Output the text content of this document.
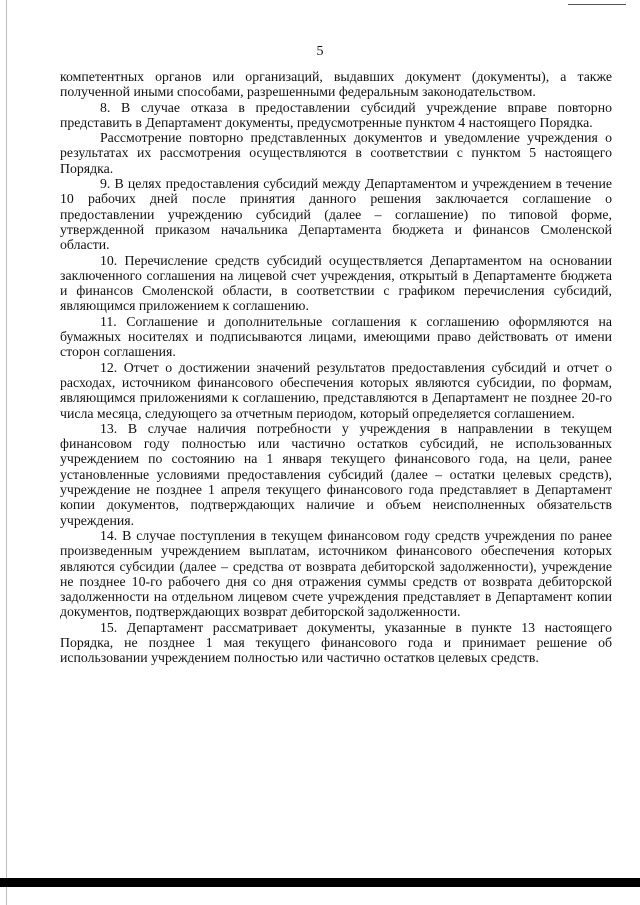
5

компетентных органов или организаций, выдавших документ (документы), а также полученной иными способами, разрешенными федеральным законодательством.

8. В случае отказа в предоставлении субсидий учреждение вправе повторно представить в Департамент документы, предусмотренные пунктом 4 настоящего Порядка.

Рассмотрение повторно представленных документов и уведомление учреждения о результатах их рассмотрения осуществляются в соответствии с пунктом 5 настоящего Порядка.

9. В целях предоставления субсидий между Департаментом и учреждением в течение 10 рабочих дней после принятия данного решения заключается соглашение о предоставлении учреждению субсидий (далее – соглашение) по типовой форме, утвержденной приказом начальника Департамента бюджета и финансов Смоленской области.

10. Перечисление средств субсидий осуществляется Департаментом на основании заключенного соглашения на лицевой счет учреждения, открытый в Департаменте бюджета и финансов Смоленской области, в соответствии с графиком перечисления субсидий, являющимся приложением к соглашению.

11. Соглашение и дополнительные соглашения к соглашению оформляются на бумажных носителях и подписываются лицами, имеющими право действовать от имени сторон соглашения.

12. Отчет о достижении значений результатов предоставления субсидий и отчет о расходах, источником финансового обеспечения которых являются субсидии, по формам, являющимся приложениями к соглашению, представляются в Департамент не позднее 20-го числа месяца, следующего за отчетным периодом, который определяется соглашением.

13. В случае наличия потребности у учреждения в направлении в текущем финансовом году полностью или частично остатков субсидий, не использованных учреждением по состоянию на 1 января текущего финансового года, на цели, ранее установленные условиями предоставления субсидий (далее – остатки целевых средств), учреждение не позднее 1 апреля текущего финансового года представляет в Департамент копии документов, подтверждающих наличие и объем неисполненных обязательств учреждения.

14. В случае поступления в текущем финансовом году средств учреждения по ранее произведенным учреждением выплатам, источником финансового обеспечения которых являются субсидии (далее – средства от возврата дебиторской задолженности), учреждение не позднее 10-го рабочего дня со дня отражения суммы средств от возврата дебиторской задолженности на отдельном лицевом счете учреждения представляет в Департамент копии документов, подтверждающих возврат дебиторской задолженности.

15. Департамент рассматривает документы, указанные в пункте 13 настоящего Порядка, не позднее 1 мая текущего финансового года и принимает решение об использовании учреждением полностью или частично остатков целевых средств.
